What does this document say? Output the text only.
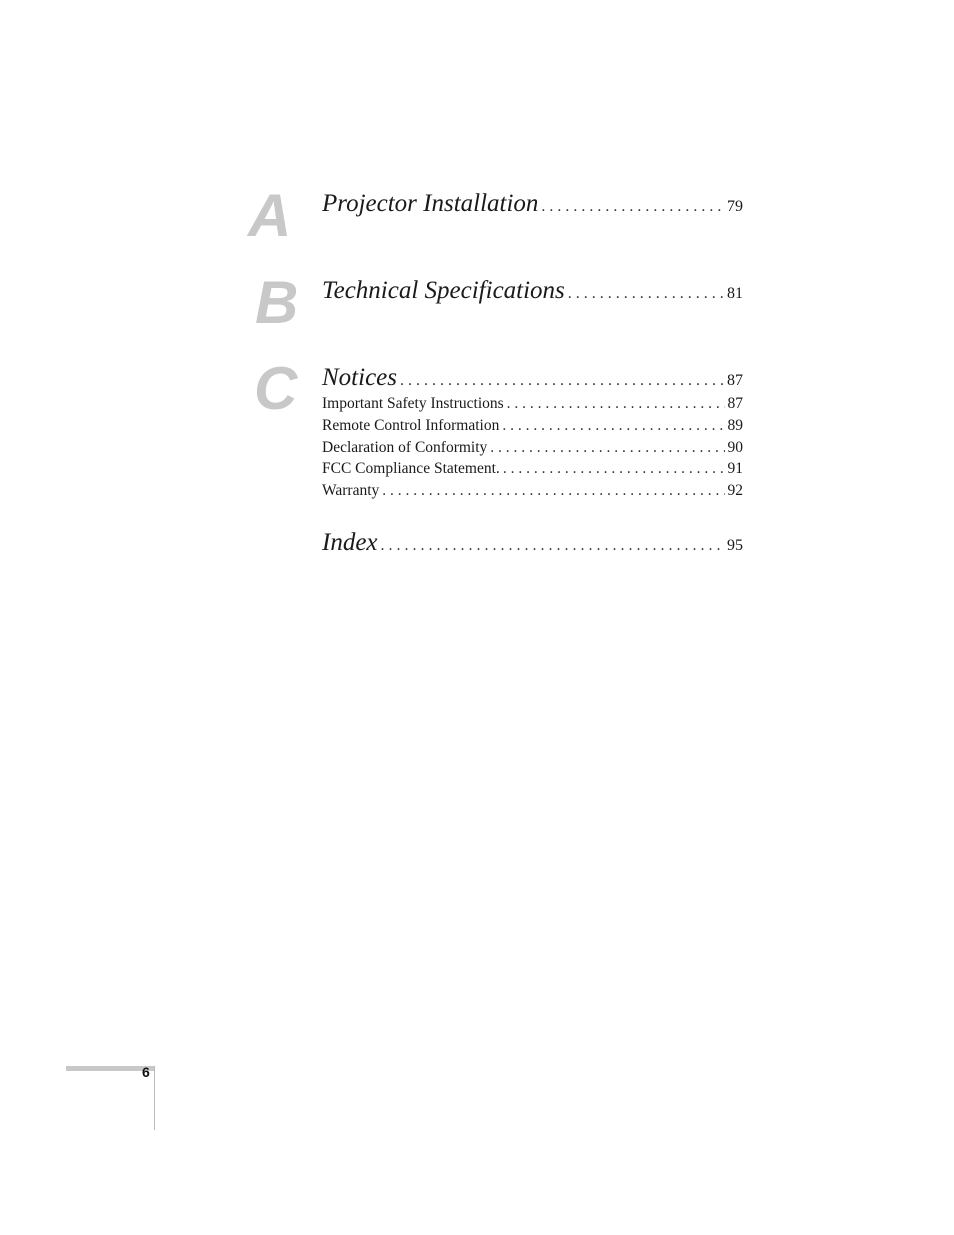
A Projector Installation . . .	79
B Technical Specifications . . .	81
C Notices . . .	87
Important Safety Instructions . . .	87
Remote Control Information . . .	89
Declaration of Conformity . . .	90
FCC Compliance Statement. . . .	91
Warranty . . .	92
Index . . .	95
6
